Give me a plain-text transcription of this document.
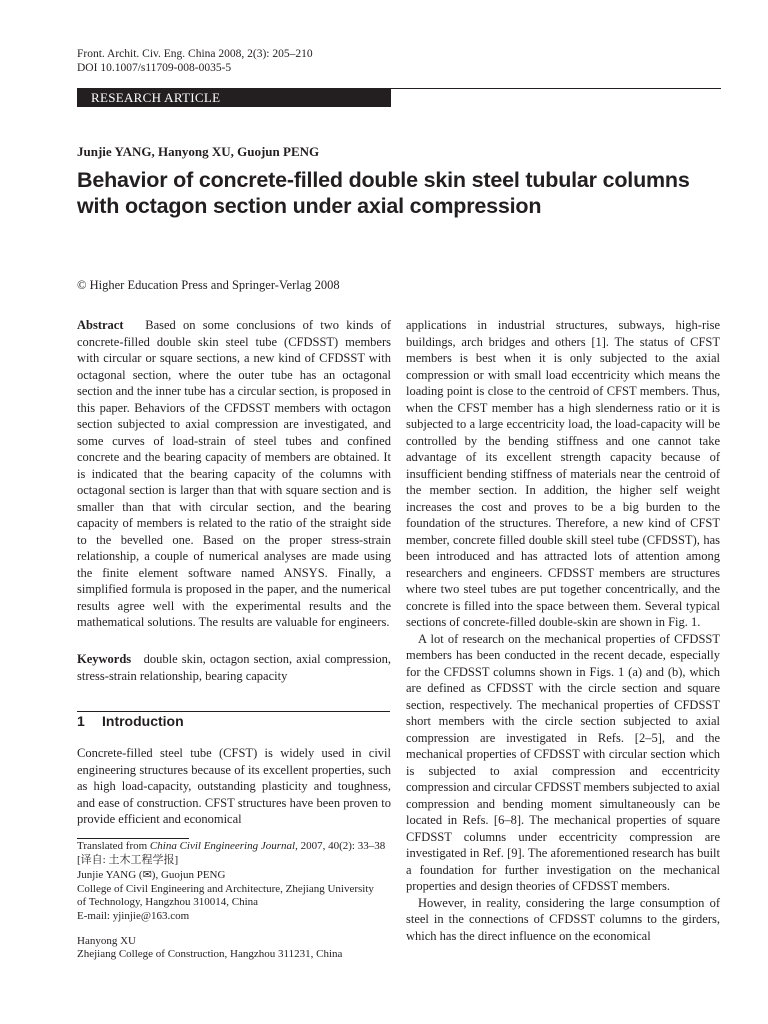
Front. Archit. Civ. Eng. China 2008, 2(3): 205–210
DOI 10.1007/s11709-008-0035-5
RESEARCH ARTICLE
Junjie YANG, Hanyong XU, Guojun PENG
Behavior of concrete-filled double skin steel tubular columns
with octagon section under axial compression
© Higher Education Press and Springer-Verlag 2008

Abstract Based on some conclusions of two kinds of concrete-filled double skin steel tube (CFDSST) members with circular or square sections, a new kind of CFDSST with octagonal section, where the outer tube has an octagonal section and the inner tube has a circular section, is proposed in this paper. Behaviors of the CFDSST members with octagon section subjected to axial compression are investigated, and some curves of load-strain of steel tubes and confined concrete and the bearing capacity of members are obtained. It is indicated that the bearing capacity of the columns with octagonal section is larger than that with square section and is smaller than that with circular section, and the bearing capacity of members is related to the ratio of the straight side to the bevelled one. Based on the proper stress-strain relationship, a couple of numerical analyses are made using the finite element software named ANSYS. Finally, a simplified formula is proposed in the paper, and the numerical results agree well with the experimental results and the mathematical solutions. The results are valuable for engineers.

Keywords double skin, octagon section, axial compression, stress-strain relationship, bearing capacity

1 Introduction

Concrete-filled steel tube (CFST) is widely used in civil engineering structures because of its excellent properties, such as high load-capacity, outstanding plasticity and toughness, and ease of construction. CFST structures have been proven to provide efficient and economical

Translated from China Civil Engineering Journal, 2007, 40(2): 33–38

[译自: 土木工程学报]

Junjie YANG (✉), Guojun PENG

College of Civil Engineering and Architecture, Zhejiang University

of Technology, Hangzhou 310014, China

E-mail: yjinjie@163.com

Hanyong XU

Zhejiang College of Construction, Hangzhou 311231, China

applications in industrial structures, subways, high-rise buildings, arch bridges and others [1]. The status of CFST members is best when it is only subjected to the axial compression or with small load eccentricity which means the loading point is close to the centroid of CFST members. Thus, when the CFST member has a high slenderness ratio or it is subjected to a large eccentricity load, the load-capacity will be controlled by the bending stiffness and one cannot take advantage of its excellent strength capacity because of insufficient bending stiffness of materials near the centroid of the member section. In addition, the higher self weight increases the cost and proves to be a big burden to the foundation of the structures. Therefore, a new kind of CFST member, concrete filled double skill steel tube (CFDSST), has been introduced and has attracted lots of attention among researchers and engineers. CFDSST members are structures where two steel tubes are put together concentrically, and the concrete is filled into the space between them. Several typical sections of concrete-filled double-skin are shown in Fig. 1.

A lot of research on the mechanical properties of CFDSST members has been conducted in the recent decade, especially for the CFDSST columns shown in Figs. 1 (a) and (b), which are defined as CFDSST with the circle section and square section, respectively. The mechanical properties of CFDSST short members with the circle section subjected to axial compression are investigated in Refs. [2–5], and the mechanical properties of CFDSST with circular section which is subjected to axial compression and eccentricity compression and circular CFDSST members subjected to axial compression and bending moment simultaneously can be located in Refs. [6–8]. The mechanical properties of square CFDSST columns under eccentricity compression are investigated in Ref. [9]. The aforementioned research has built a foundation for further investigation on the mechanical properties and design theories of CFDSST members.

However, in reality, considering the large consumption of steel in the connections of CFDSST columns to the girders, which has the direct influence on the economical
